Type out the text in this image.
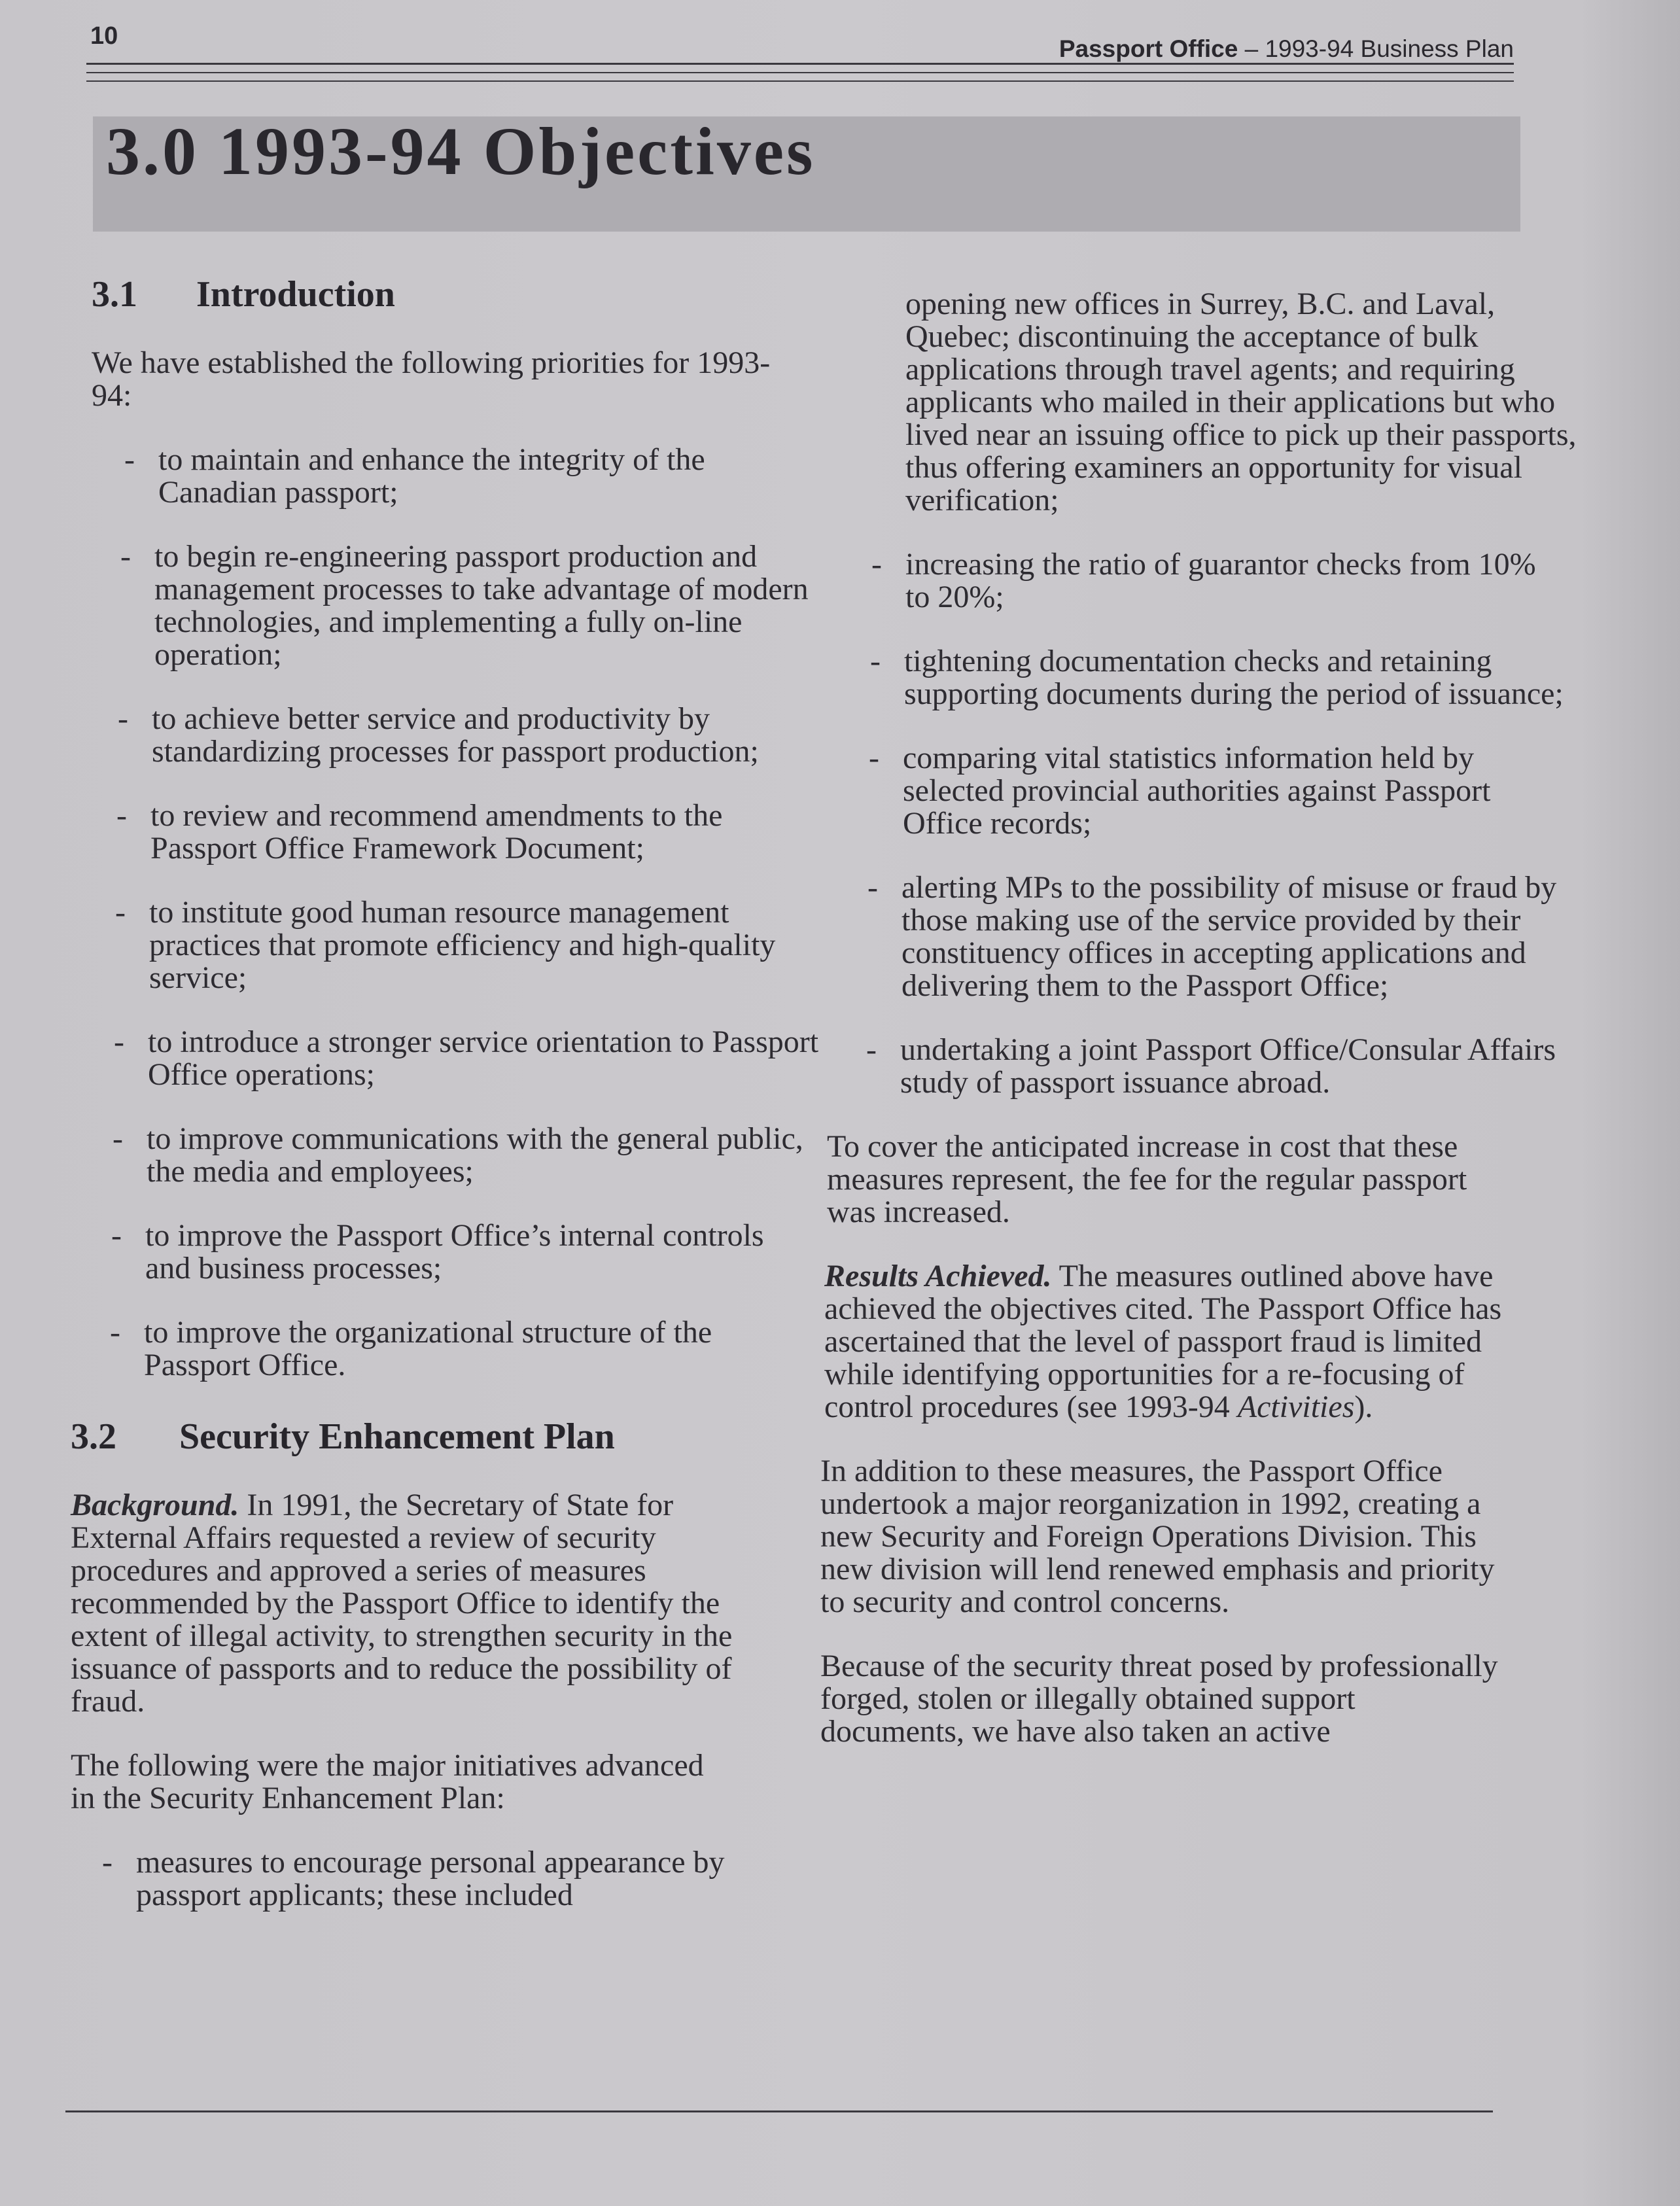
10	Passport Office – 1993-94 Business Plan
3.0 1993-94 Objectives
3.1 Introduction

We have established the following priorities for 1993-94:

- to maintain and enhance the integrity of the Canadian passport;
- to begin re-engineering passport production and management processes to take advantage of modern technologies, and implementing a fully on-line operation;
- to achieve better service and productivity by standardizing processes for passport production;
- to review and recommend amendments to the Passport Office Framework Document;
- to institute good human resource management practices that promote efficiency and high-quality service;
- to introduce a stronger service orientation to Passport Office operations;
- to improve communications with the general public, the media and employees;
- to improve the Passport Office’s internal controls and business processes;
- to improve the organizational structure of the Passport Office.
3.2 Security Enhancement Plan

Background. In 1991, the Secretary of State for External Affairs requested a review of security procedures and approved a series of measures recommended by the Passport Office to identify the extent of illegal activity, to strengthen security in the issuance of passports and to reduce the possibility of fraud.

The following were the major initiatives advanced in the Security Enhancement Plan:

- measures to encourage personal appearance by passport applicants; these included

opening new offices in Surrey, B.C. and Laval, Quebec; discontinuing the acceptance of bulk applications through travel agents; and requiring applicants who mailed in their applications but who lived near an issuing office to pick up their passports, thus offering examiners an opportunity for visual verification;

- increasing the ratio of guarantor checks from 10% to 20%;
- tightening documentation checks and retaining supporting documents during the period of issuance;
- comparing vital statistics information held by selected provincial authorities against Passport Office records;
- alerting MPs to the possibility of misuse or fraud by those making use of the service provided by their constituency offices in accepting applications and delivering them to the Passport Office;
- undertaking a joint Passport Office/Consular Affairs study of passport issuance abroad.

To cover the anticipated increase in cost that these measures represent, the fee for the regular passport was increased.

Results Achieved. The measures outlined above have achieved the objectives cited. The Passport Office has ascertained that the level of passport fraud is limited while identifying opportunities for a re-focusing of control procedures (see 1993-94 Activities).

In addition to these measures, the Passport Office undertook a major reorganization in 1992, creating a new Security and Foreign Operations Division. This new division will lend renewed emphasis and priority to security and control concerns.

Because of the security threat posed by professionally forged, stolen or illegally obtained support documents, we have also taken an active
